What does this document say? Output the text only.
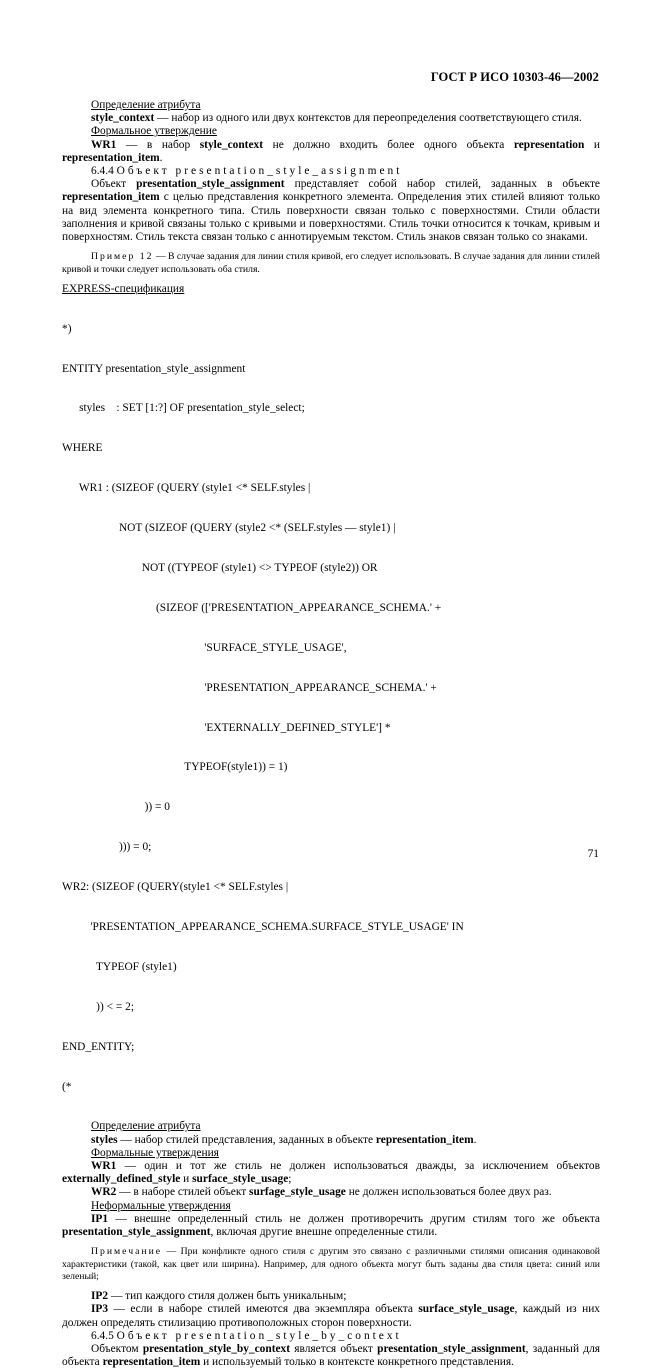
ГОСТ Р ИСО 10303-46—2002

Определение атрибута

style_context — набор из одного или двух контекстов для переопределения соответствующего стиля.

Формальное утверждение

WR1 — в набор style_context не должно входить более одного объекта representation и representation_item.

6.4.4 Объект presentation_style_assignment

Объект presentation_style_assignment представляет собой набор стилей, заданных в объекте representation_item с целью представления конкретного элемента. Определения этих стилей влияют только на вид элемента конкретного типа. Стиль поверхности связан только с поверхностями. Стили области заполнения и кривой связаны только с кривыми и поверхностями. Стиль точки относится к точкам, кривым и поверхностям. Стиль текста связан только с аннотируемым текстом. Стиль знаков связан только со знаками.

Пример 12 — В случае задания для линии стиля кривой, его следует использовать. В случае задания для линии стилей кривой и точки следует использовать оба стиля.

EXPRESS-спецификация

*)

ENTITY presentation_style_assignment

styles    : SET [1:?] OF presentation_style_select;

WHERE

WR1 : (SIZEOF (QUERY (style1 <* SELF.styles |

NOT (SIZEOF (QUERY (style2 <* (SELF.styles — style1) |

NOT ((TYPEOF (style1) <> TYPEOF (style2)) OR

(SIZEOF (['PRESENTATION_APPEARANCE_SCHEMA.' +

'SURFACE_STYLE_USAGE',

'PRESENTATION_APPEARANCE_SCHEMA.' +

'EXTERNALLY_DEFINED_STYLE'] *

TYPEOF(style1)) = 1)

)) = 0

))) = 0;

WR2: (SIZEOF (QUERY(style1 <* SELF.styles |

'PRESENTATION_APPEARANCE_SCHEMA.SURFACE_STYLE_USAGE' IN

TYPEOF (style1)

)) < = 2;

END_ENTITY;

(*

Определение атрибута

styles — набор стилей представления, заданных в объекте representation_item.

Формальные утверждения

WR1 — один и тот же стиль не должен использоваться дважды, за исключением объектов externally_defined_style и surface_style_usage;

WR2 — в наборе стилей объект surfage_style_usage не должен использоваться более двух раз.

Неформальные утверждения

IP1 — внешне определенный стиль не должен противоречить другим стилям того же объекта presentation_style_assignment, включая другие внешне определенные стили.

Примечание — При конфликте одного стиля с другим это связано с различными стилями описания одинаковой характеристики (такой, как цвет или ширина). Например, для одного объекта могут быть заданы два стиля цвета: синий или зеленый;

IP2 — тип каждого стиля должен быть уникальным;

IP3 — если в наборе стилей имеются два экземпляра объекта surface_style_usage, каждый из них должен определять стилизацию противоположных сторон поверхности.

6.4.5 Объект presentation_style_by_context

Объектом presentation_style_by_context является объект presentation_style_assignment, заданный для объекта representation_item и используемый только в контексте конкретного представления.

71
